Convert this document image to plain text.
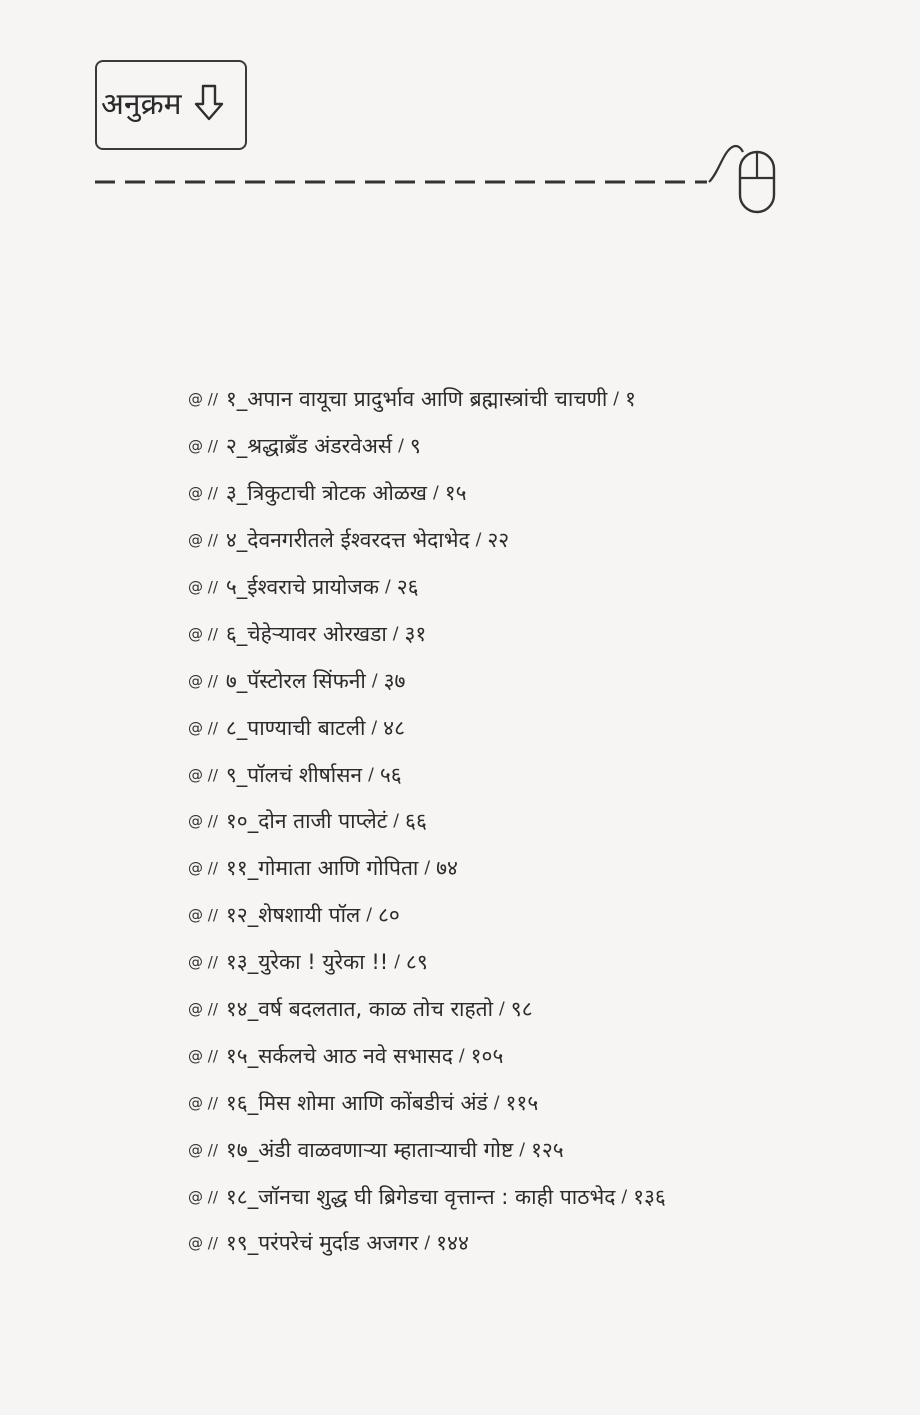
अनुक्रम
@ // १_अपान वायूचा प्रादुर्भाव आणि ब्रह्मास्त्रांची चाचणी / १
@ // २_श्रद्धाब्रँड अंडरवेअर्स / ९
@ // ३_त्रिकुटाची त्रोटक ओळख / १५
@ // ४_देवनगरीतले ईश्वरदत्त भेदाभेद / २२
@ // ५_ईश्वराचे प्रायोजक / २६
@ // ६_चेहेऱ्यावर ओरखडा / ३१
@ // ७_पॅस्टोरल सिंफनी / ३७
@ // ८_पाण्याची बाटली / ४८
@ // ९_पॉलचं शीर्षासन / ५६
@ // १०_दोन ताजी पाप्लेटं / ६६
@ // ११_गोमाता आणि गोपिता / ७४
@ // १२_शेषशायी पॉल / ८०
@ // १३_युरेका ! युरेका !! / ८९
@ // १४_वर्ष बदलतात, काळ तोच राहतो / ९८
@ // १५_सर्कलचे आठ नवे सभासद / १०५
@ // १६_मिस शोमा आणि कोंबडीचं अंडं / ११५
@ // १७_अंडी वाळवणाऱ्या म्हाताऱ्याची गोष्ट / १२५
@ // १८_जॉनचा शुद्ध घी ब्रिगेडचा वृत्तान्त : काही पाठभेद / १३६
@ // १९_परंपरेचं मुर्दाड अजगर / १४४
